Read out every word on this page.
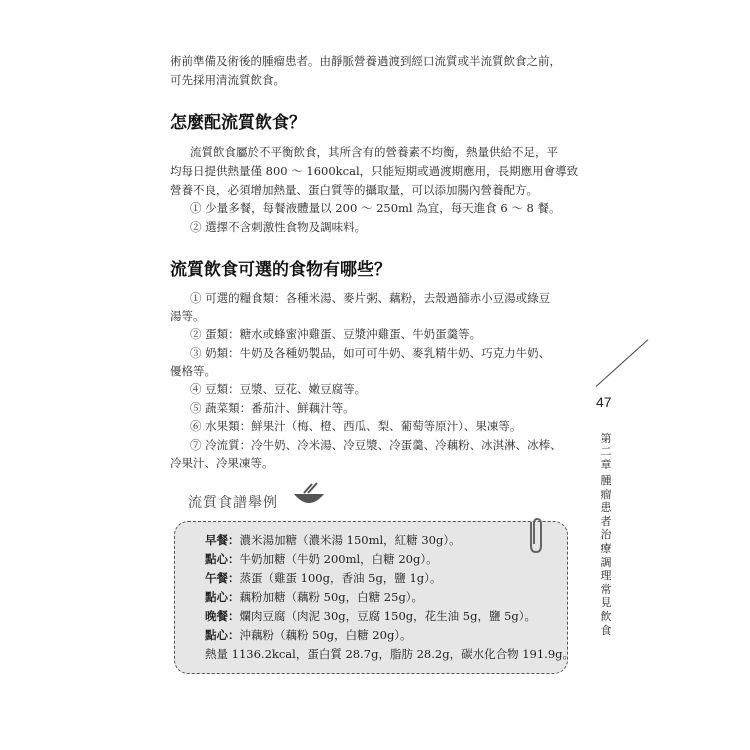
術前準備及術後的腫瘤患者。由靜脈營養過渡到經口流質或半流質飲食之前，
可先採用清流質飲食。
怎麼配流質飲食？
流質飲食屬於不平衡飲食，其所含有的營養素不均衡，熱量供給不足，平
均每日提供熱量僅 800 ～ 1600kcal，只能短期或過渡期應用，長期應用會導致
營養不良，必須增加熱量、蛋白質等的攝取量，可以添加腸內營養配方。
① 少量多餐，每餐液體量以 200 ～ 250ml 為宜，每天進食 6 ～ 8 餐。
② 選擇不含刺激性食物及調味料。
流質飲食可選的食物有哪些？
① 可選的糧食類：各種米湯、麥片粥、藕粉，去殼過篩赤小豆湯或綠豆
湯等。
② 蛋類：糖水或蜂蜜沖雞蛋、豆漿沖雞蛋、牛奶蛋羹等。
③ 奶類：牛奶及各種奶製品，如可可牛奶、麥乳精牛奶、巧克力牛奶、
優格等。
④ 豆類：豆漿、豆花、嫩豆腐等。
⑤ 蔬菜類：番茄汁、鮮藕汁等。
⑥ 水果類：鮮果汁（梅、橙、西瓜、梨、葡萄等原汁）、果凍等。
⑦ 冷流質：冷牛奶、冷米湯、冷豆漿、冷蛋羹、冷藕粉、冰淇淋、冰棒、
冷果汁、冷果凍等。
流質食譜舉例
早餐：濃米湯加糖（濃米湯 150ml，紅糖 30g）。
點心：牛奶加糖（牛奶 200ml，白糖 20g）。
午餐：蒸蛋（雞蛋 100g，香油 5g，鹽 1g）。
點心：藕粉加糖（藕粉 50g，白糖 25g）。
晚餐：爛肉豆腐（肉泥 30g，豆腐 150g，花生油 5g，鹽 5g）。
點心：沖藕粉（藕粉 50g，白糖 20g）。
熱量 1136.2kcal，蛋白質 28.7g，脂肪 28.2g，碳水化合物 191.9g。
47
第二章
腫瘤患者治療調理常見飲食
